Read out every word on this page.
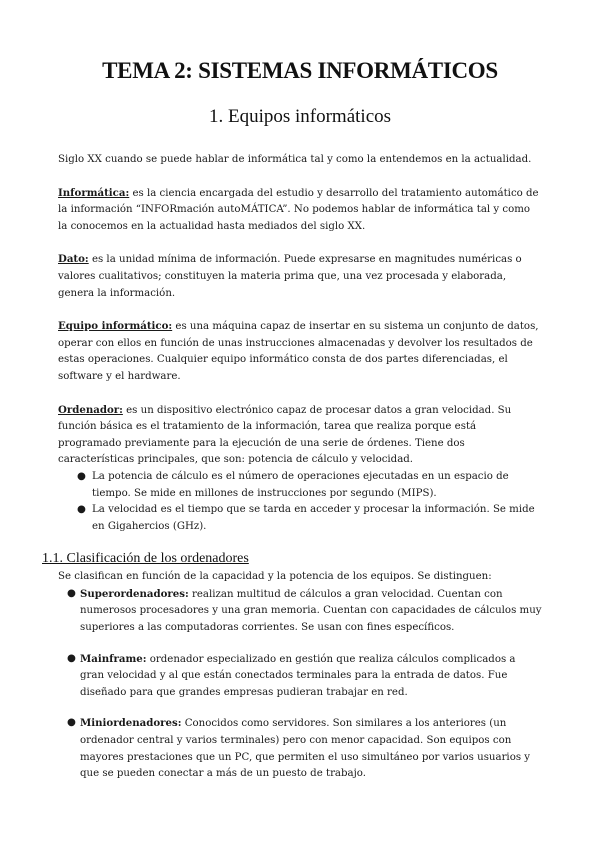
TEMA 2: SISTEMAS INFORMÁTICOS
1. Equipos informáticos

Siglo XX cuando se puede hablar de informática tal y como la entendemos en la actualidad.

Informática: es la ciencia encargada del estudio y desarrollo del tratamiento automático de la información “INFORmación autoMÁTICA”. No podemos hablar de informática tal y como la conocemos en la actualidad hasta mediados del siglo XX.

Dato: es la unidad mínima de información. Puede expresarse en magnitudes numéricas o valores cualitativos; constituyen la materia prima que, una vez procesada y elaborada, genera la información.

Equipo informático: es una máquina capaz de insertar en su sistema un conjunto de datos, operar con ellos en función de unas instrucciones almacenadas y devolver los resultados de estas operaciones. Cualquier equipo informático consta de dos partes diferenciadas, el software y el hardware.

Ordenador: es un dispositivo electrónico capaz de procesar datos a gran velocidad. Su función básica es el tratamiento de la información, tarea que realiza porque está programado previamente para la ejecución de una serie de órdenes. Tiene dos características principales, que son: potencia de cálculo y velocidad.

● La potencia de cálculo es el número de operaciones ejecutadas en un espacio de tiempo. Se mide en millones de instrucciones por segundo (MIPS).
● La velocidad es el tiempo que se tarda en acceder y procesar la información. Se mide en Gigahercios (GHz).
1.1. Clasificación de los ordenadores

Se clasifican en función de la capacidad y la potencia de los equipos. Se distinguen:

● Superordenadores: realizan multitud de cálculos a gran velocidad. Cuentan con numerosos procesadores y una gran memoria. Cuentan con capacidades de cálculos muy superiores a las computadoras corrientes. Se usan con fines específicos.
● Mainframe: ordenador especializado en gestión que realiza cálculos complicados a gran velocidad y al que están conectados terminales para la entrada de datos. Fue diseñado para que grandes empresas pudieran trabajar en red.
● Miniordenadores: Conocidos como servidores. Son similares a los anteriores (un ordenador central y varios terminales) pero con menor capacidad. Son equipos con mayores prestaciones que un PC, que permiten el uso simultáneo por varios usuarios y que se pueden conectar a más de un puesto de trabajo.
